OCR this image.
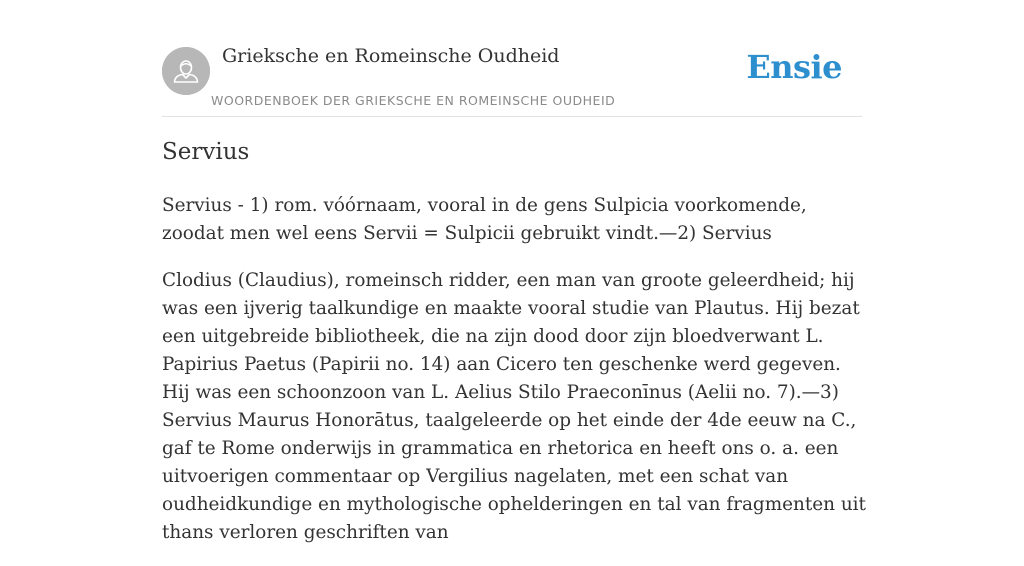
Grieksche en Romeinsche Oudheid
WOORDENBOEK DER GRIEKSCHE EN ROMEINSCHE OUDHEID
Ensie
Servius

Servius - 1) rom. vóórnaam, vooral in de gens Sulpicia voorkomende, zoodat men wel eens Servii = Sulpicii gebruikt vindt.—2) Servius

Clodius (Claudius), romeinsch ridder, een man van groote geleerdheid; hij was een ijverig taalkundige en maakte vooral studie van Plautus. Hij bezat een uitgebreide bibliotheek, die na zijn dood door zijn bloedverwant L. Papirius Paetus (Papirii no. 14) aan Cicero ten geschenke werd gegeven. Hij was een schoonzoon van L. Aelius Stilo Praeconīnus (Aelii no. 7).—3) Servius Maurus Honorātus, taalgeleerde op het einde der 4de eeuw na C., gaf te Rome onderwijs in grammatica en rhetorica en heeft ons o. a. een uitvoerigen commentaar op Vergilius nagelaten, met een schat van oudheidkundige en mythologische ophelderingen en tal van fragmenten uit thans verloren geschriften van
